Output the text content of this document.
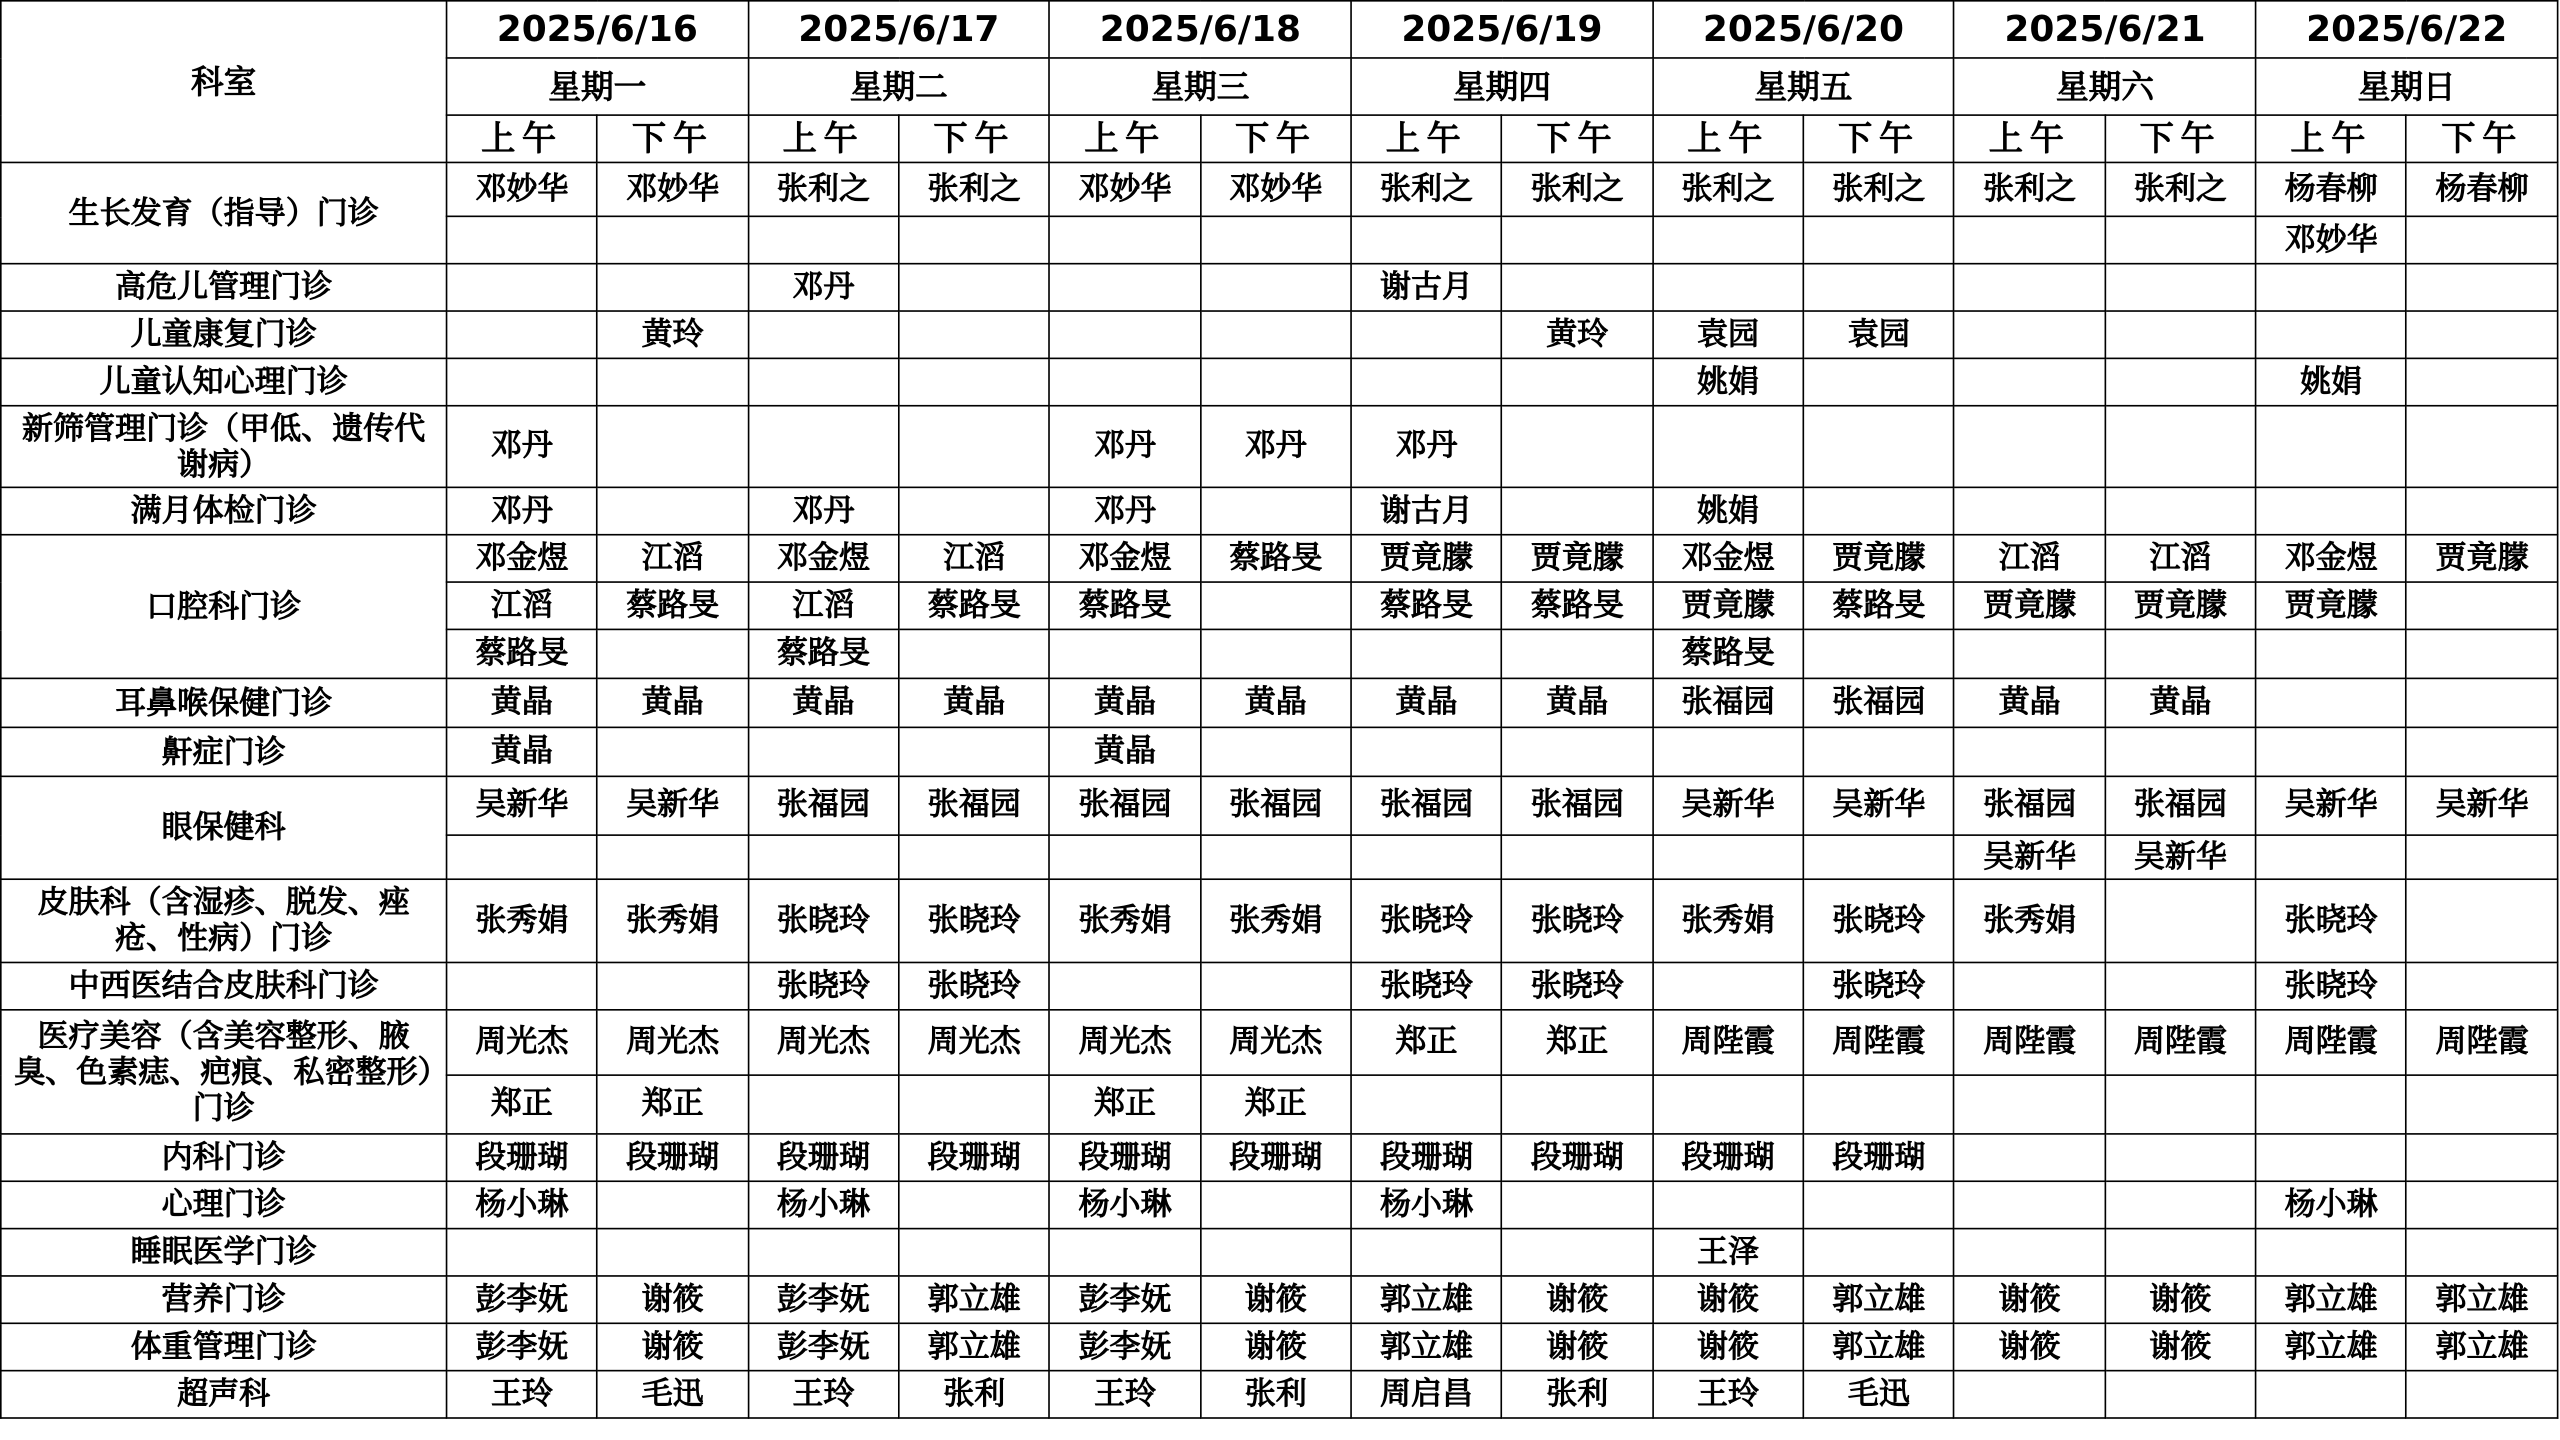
科室	2025/6/16		2025/6/17		2025/6/18		2025/6/19		2025/6/20		2025/6/21		2025/6/22	
	星期一		星期二		星期三		星期四		星期五		星期六		星期日	
	上午	下午	上午	下午	上午	下午	上午	下午	上午	下午	上午	下午	上午	下午
生长发育（指导）门诊	邓妙华	邓妙华	张利之	张利之	邓妙华	邓妙华	张利之	张利之	张利之	张利之	张利之	张利之	杨春柳	杨春柳
													邓妙华	
高危儿管理门诊			邓丹				谢古月							
儿童康复门诊		黄玲						黄玲	袁园	袁园				
儿童认知心理门诊									姚娟				姚娟	
新筛管理门诊（甲低、遗传代谢病）	邓丹				邓丹	邓丹	邓丹							
满月体检门诊	邓丹		邓丹		邓丹		谢古月		姚娟					
口腔科门诊	邓金煜	江滔	邓金煜	江滔	邓金煜	蔡路旻	贾竟朦	贾竟朦	邓金煜	贾竟朦	江滔	江滔	邓金煜	贾竟朦
	江滔	蔡路旻	江滔	蔡路旻	蔡路旻		蔡路旻	蔡路旻	贾竟朦	蔡路旻	贾竟朦	贾竟朦	贾竟朦	
	蔡路旻		蔡路旻						蔡路旻					
耳鼻喉保健门诊	黄晶	黄晶	黄晶	黄晶	黄晶	黄晶	黄晶	黄晶	张福园	张福园	黄晶	黄晶		
鼾症门诊	黄晶				黄晶									
眼保健科	吴新华	吴新华	张福园	张福园	张福园	张福园	张福园	张福园	吴新华	吴新华	张福园	张福园	吴新华	吴新华
											吴新华	吴新华		
皮肤科（含湿疹、脱发、痤疮、性病）门诊	张秀娟	张秀娟	张晓玲	张晓玲	张秀娟	张秀娟	张晓玲	张晓玲	张秀娟	张晓玲	张秀娟		张晓玲	
中西医结合皮肤科门诊			张晓玲	张晓玲			张晓玲	张晓玲		张晓玲			张晓玲	
医疗美容（含美容整形、腋臭、色素痣、疤痕、私密整形）门诊	周光杰	周光杰	周光杰	周光杰	周光杰	周光杰	郑正	郑正	周陛霞	周陛霞	周陛霞	周陛霞	周陛霞	周陛霞
	郑正	郑正			郑正	郑正								
内科门诊	段珊瑚	段珊瑚	段珊瑚	段珊瑚	段珊瑚	段珊瑚	段珊瑚	段珊瑚	段珊瑚	段珊瑚				
心理门诊	杨小琳		杨小琳		杨小琳		杨小琳						杨小琳	
睡眠医学门诊									王泽					
营养门诊	彭李妩	谢筱	彭李妩	郭立雄	彭李妩	谢筱	郭立雄	谢筱	谢筱	郭立雄	谢筱	谢筱	郭立雄	郭立雄
体重管理门诊	彭李妩	谢筱	彭李妩	郭立雄	彭李妩	谢筱	郭立雄	谢筱	谢筱	郭立雄	谢筱	谢筱	郭立雄	郭立雄
超声科	王玲	毛迅	王玲	张利	王玲	张利	周启昌	张利	王玲	毛迅				
